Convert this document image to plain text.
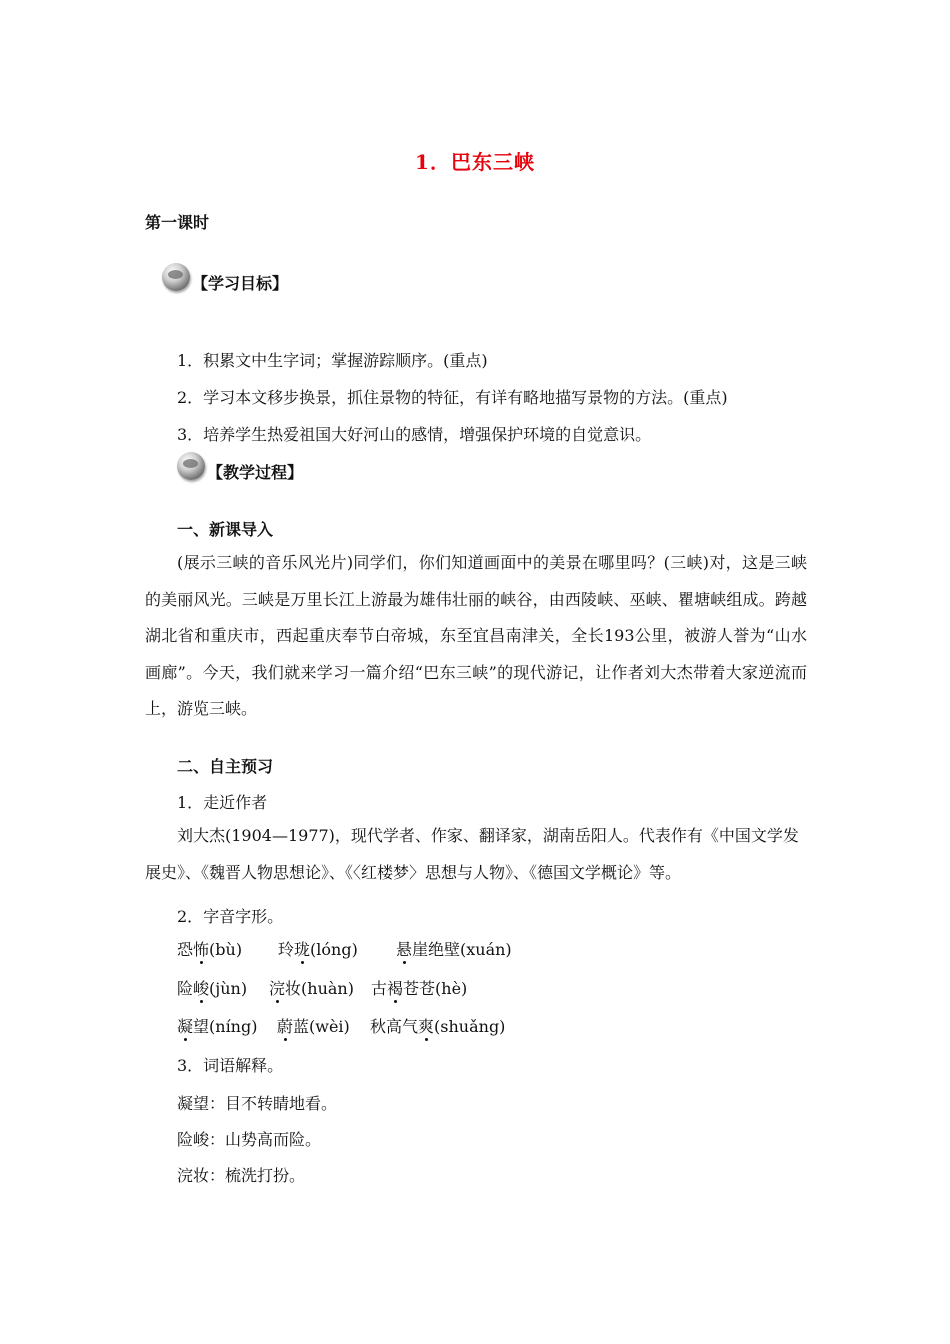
1．巴东三峡
第一课时
【学习目标】
1．积累文中生字词；掌握游踪顺序。(重点)
2．学习本文移步换景，抓住景物的特征，有详有略地描写景物的方法。(重点)
3．培养学生热爱祖国大好河山的感情，增强保护环境的自觉意识。
【教学过程】
一、新课导入
(展示三峡的音乐风光片)同学们，你们知道画面中的美景在哪里吗？(三峡)对，这是三峡的美丽风光。三峡是万里长江上游最为雄伟壮丽的峡谷，由西陵峡、巫峡、瞿塘峡组成。跨越湖北省和重庆市，西起重庆奉节白帝城，东至宜昌南津关，全长193公里，被游人誉为“山水画廊”。今天，我们就来学习一篇介绍“巴东三峡”的现代游记，让作者刘大杰带着大家逆流而上，游览三峡。
二、自主预习
1．走近作者
刘大杰(1904—1977)，现代学者、作家、翻译家，湖南岳阳人。代表作有《中国文学发展史》、《魏晋人物思想论》、《〈红楼梦〉思想与人物》、《德国文学概论》等。
2．字音字形。
恐怖(bù)	玲珑(lóng)	悬崖绝壁(xuán)
险峻(jùn)	浣妆(huàn)	古褐苍苍(hè)
凝望(níng)	蔚蓝(wèi)	秋高气爽(shuǎng)
3．词语解释。
凝望：目不转睛地看。
险峻：山势高而险。
浣妆：梳洗打扮。
